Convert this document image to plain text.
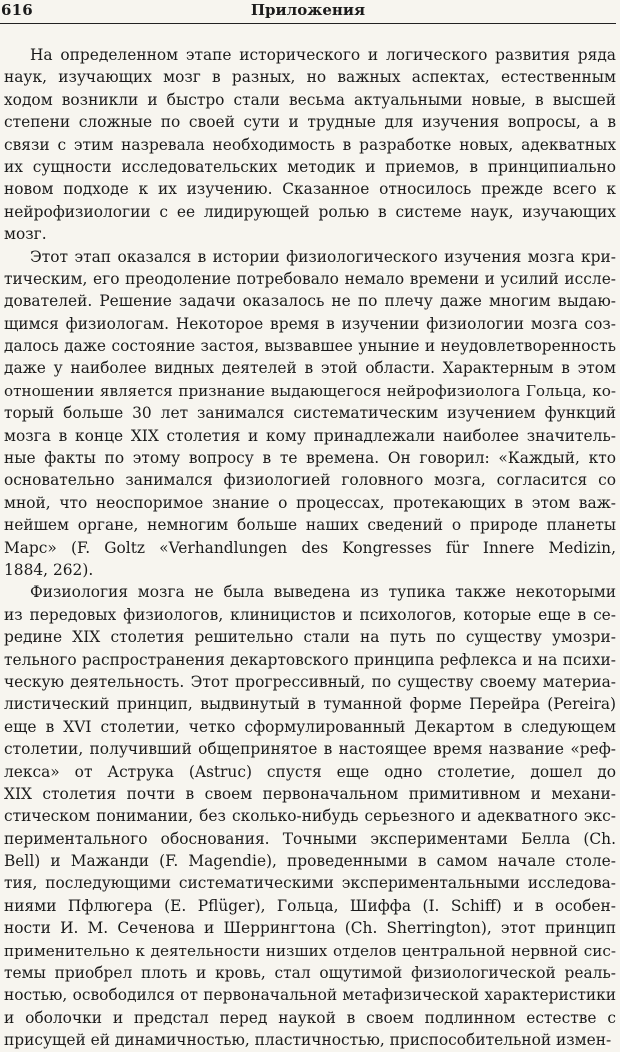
616	Приложения
На определенном этапе исторического и логического развития ряда
наук, изучающих мозг в разных, но важных аспектах, естественным
ходом возникли и быстро стали весьма актуальными новые, в высшей
степени сложные по своей сути и трудные для изучения вопросы, а в
связи с этим назревала необходимость в разработке новых, адекватных
их сущности исследовательских методик и приемов, в принципиально
новом подходе к их изучению. Сказанное относилось прежде всего к
нейрофизиологии с ее лидирующей ролью в системе наук, изучающих
мозг.
Этот этап оказался в истории физиологического изучения мозга кри-
тическим, его преодоление потребовало немало времени и усилий иссле-
дователей. Решение задачи оказалось не по плечу даже многим выдаю-
щимся физиологам. Некоторое время в изучении физиологии мозга соз-
далось даже состояние застоя, вызвавшее уныние и неудовлетворенность
даже у наиболее видных деятелей в этой области. Характерным в этом
отношении является признание выдающегося нейрофизиолога Гольца, ко-
торый больше 30 лет занимался систематическим изучением функций
мозга в конце XIX столетия и кому принадлежали наиболее значитель-
ные факты по этому вопросу в те времена. Он говорил: «Каждый, кто
основательно занимался физиологией головного мозга, согласится со
мной, что неоспоримое знание о процессах, протекающих в этом важ-
нейшем органе, немногим больше наших сведений о природе планеты
Марс» (F. Goltz «Verhandlungen des Kongresses für Innere Medizin,
1884, 262).
Физиология мозга не была выведена из тупика также некоторыми
из передовых физиологов, клиницистов и психологов, которые еще в се-
редине XIX столетия решительно стали на путь по существу умозри-
тельного распространения декартовского принципа рефлекса и на психи-
ческую деятельность. Этот прогрессивный, по существу своему материа-
листический принцип, выдвинутый в туманной форме Перейра (Pereira)
еще в XVI столетии, четко сформулированный Декартом в следующем
столетии, получивший общепринятое в настоящее время название «реф-
лекса» от Аструка (Astruc) спустя еще одно столетие, дошел до
XIX столетия почти в своем первоначальном примитивном и механи-
стическом понимании, без сколько-нибудь серьезного и адекватного экс-
периментального обоснования. Точными экспериментами Белла (Ch.
Bell) и Мажанди (F. Magendie), проведенными в самом начале столе-
тия, последующими систематическими экспериментальными исследова-
ниями Пфлюгера (E. Pflüger), Гольца, Шиффа (I. Schiff) и в особен-
ности И. М. Сеченова и Шеррингтона (Ch. Sherrington), этот принцип
применительно к деятельности низших отделов центральной нервной сис-
темы приобрел плоть и кровь, стал ощутимой физиологической реаль-
ностью, освободился от первоначальной метафизической характеристики
и оболочки и предстал перед наукой в своем подлинном естестве с
присущей ей динамичностью, пластичностью, приспособительной измен-
